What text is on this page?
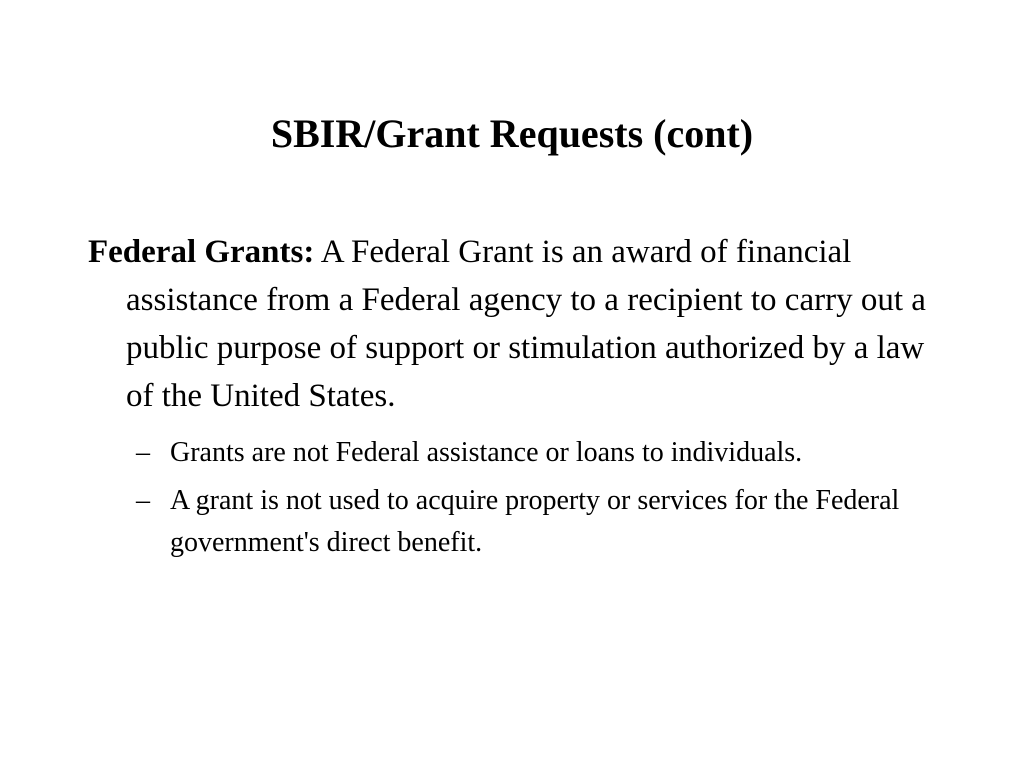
SBIR/Grant Requests (cont)

Federal Grants: A Federal Grant is an award of financial assistance from a Federal agency to a recipient to carry out a public purpose of support or stimulation authorized by a law of the United States.

– Grants are not Federal assistance or loans to individuals.
– A grant is not used to acquire property or services for the Federal government's direct benefit.
